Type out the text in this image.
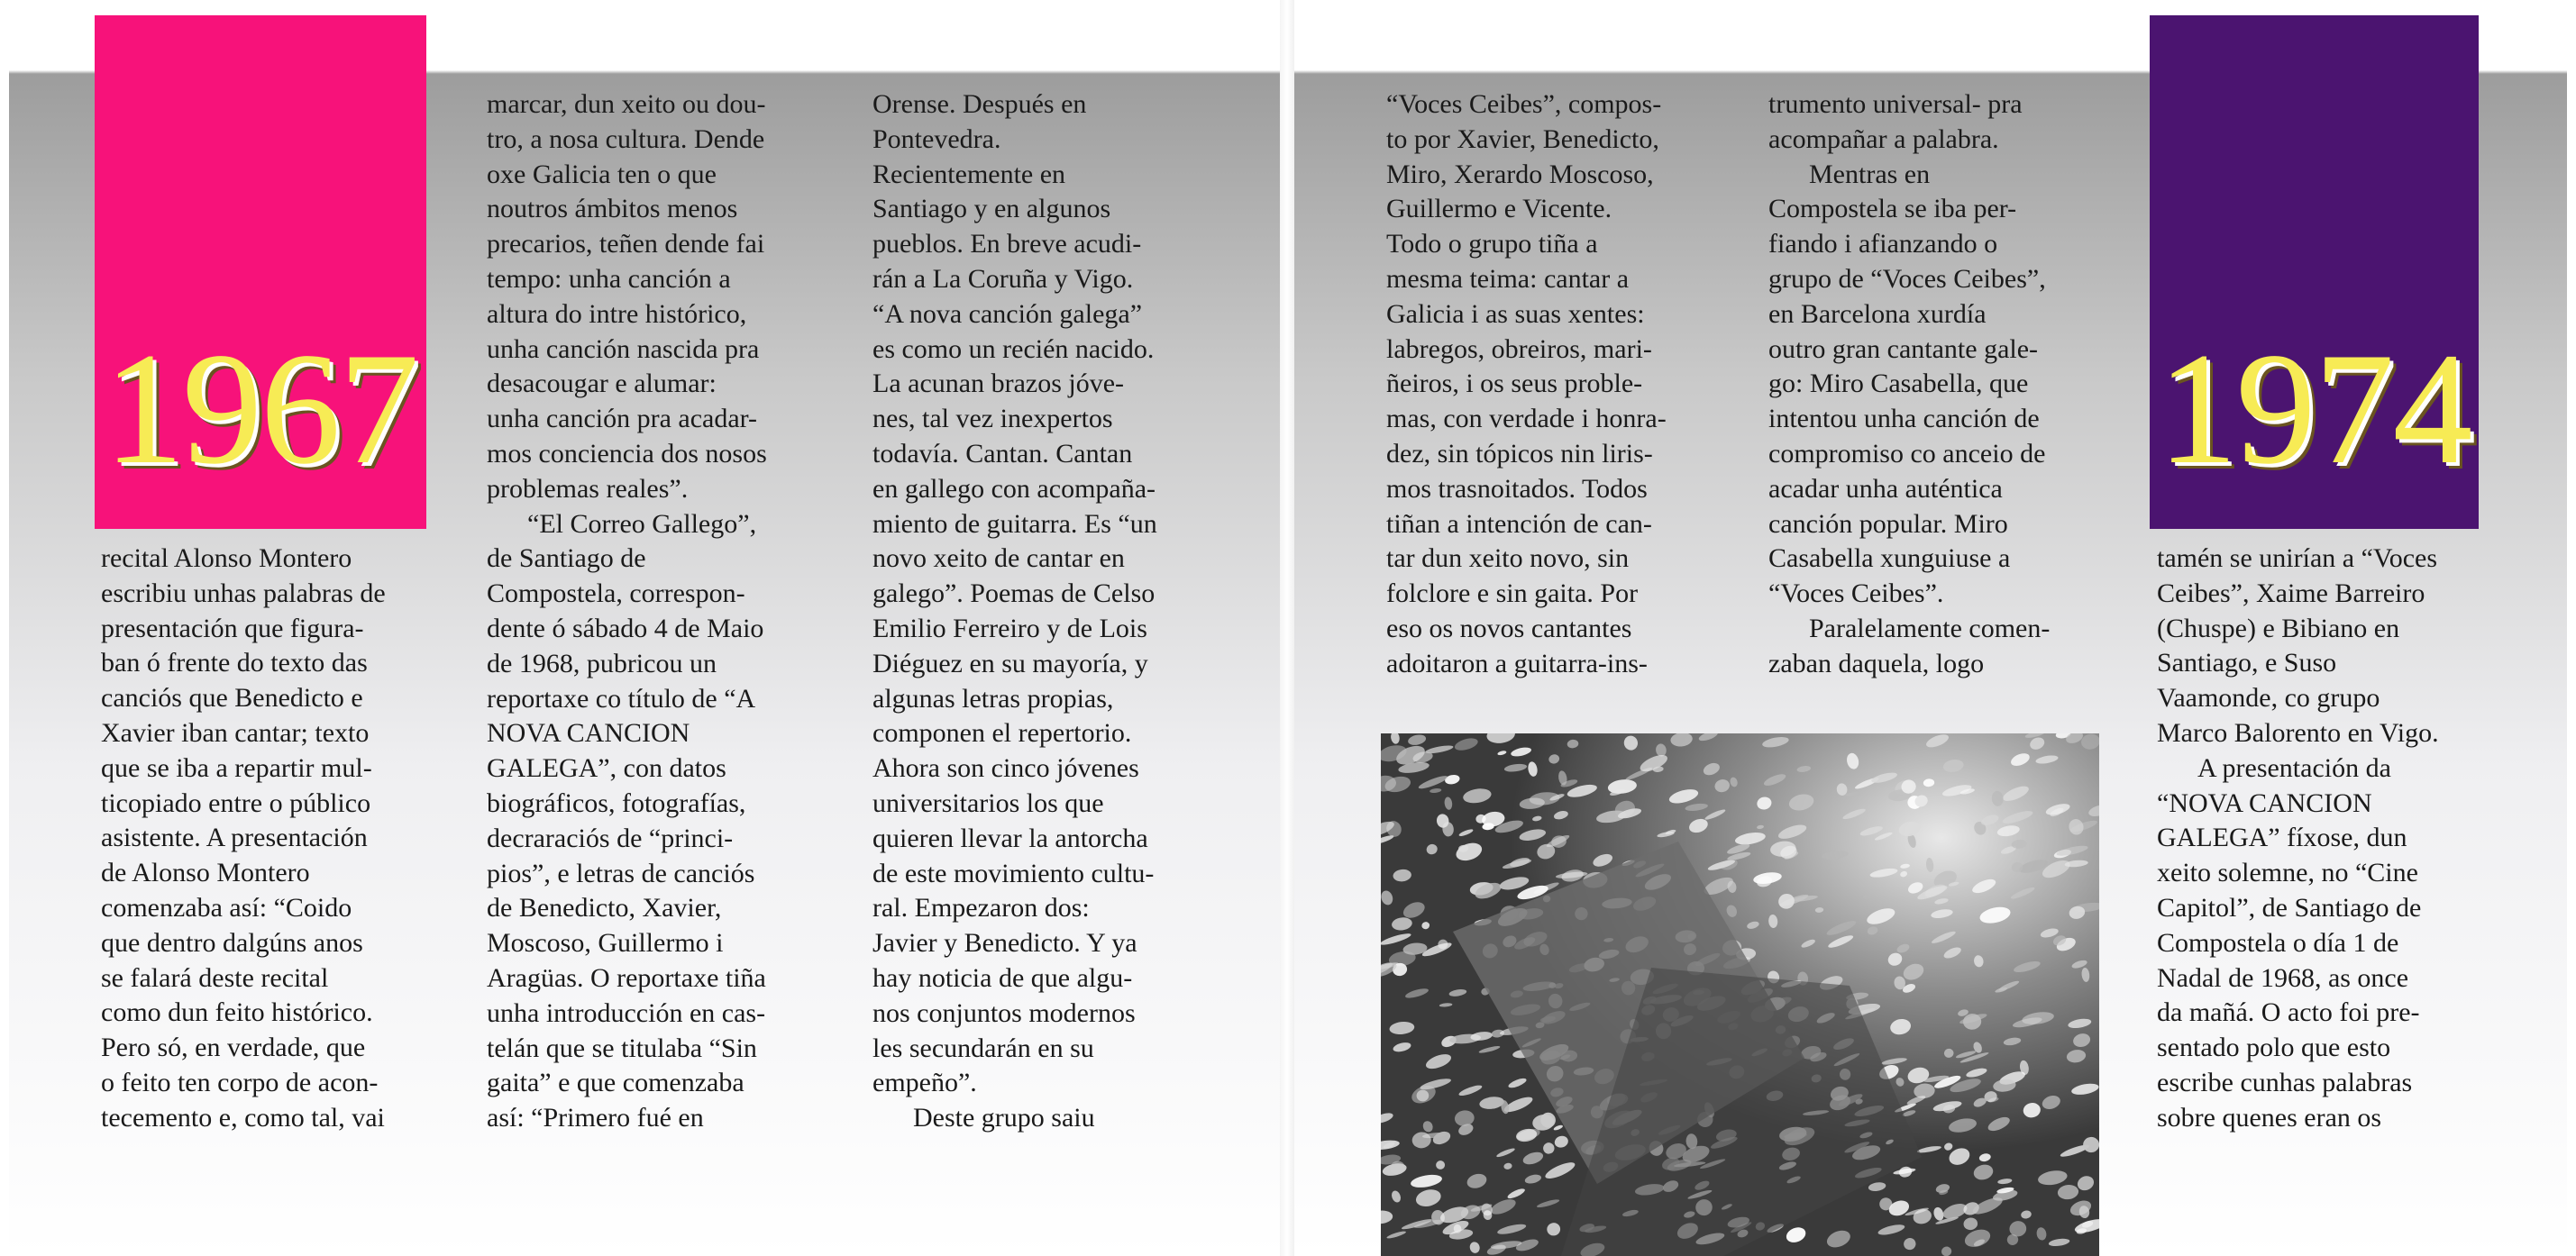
1967	1974
recital Alonso Montero
escribiu unhas palabras de
presentación que figura-
ban ó frente do texto das
canciós que Benedicto e
Xavier iban cantar; texto
que se iba a repartir mul-
ticopiado entre o público
asistente. A presentación
de Alonso Montero
comenzaba así: “Coido
que dentro dalgúns anos
se falará deste recital
como dun feito histórico.
Pero só, en verdade, que
o feito ten corpo de acon-
tecemento e, como tal, vai
marcar, dun xeito ou dou-
tro, a nosa cultura. Dende
oxe Galicia ten o que
noutros ámbitos menos
precarios, teñen dende fai
tempo: unha canción a
altura do intre histórico,
unha canción nascida pra
desacougar e alumar:
unha canción pra acadar-
mos conciencia dos nosos
problemas reales”.
  “El Correo Gallego”,
de Santiago de
Compostela, correspon-
dente ó sábado 4 de Maio
de 1968, pubricou un
reportaxe co título de “A
NOVA CANCION
GALEGA”, con datos
biográficos, fotografías,
decraraciós de “princi-
pios”, e letras de canciós
de Benedicto, Xavier,
Moscoso, Guillermo i
Aragüas. O reportaxe tiña
unha introducción en cas-
telán que se titulaba “Sin
gaita” e que comenzaba
así: “Primero fué en
Orense. Después en
Pontevedra.
Recientemente en
Santiago y en algunos
pueblos. En breve acudi-
rán a La Coruña y Vigo.
“A nova canción galega”
es como un recién nacido.
La acunan brazos jóve-
nes, tal vez inexpertos
todavía. Cantan. Cantan
en gallego con acompaña-
miento de guitarra. Es “un
novo xeito de cantar en
galego”. Poemas de Celso
Emilio Ferreiro y de Lois
Diéguez en su mayoría, y
algunas letras propias,
componen el repertorio.
Ahora son cinco jóvenes
universitarios los que
quieren llevar la antorcha
de este movimiento cultu-
ral. Empezaron dos:
Javier y Benedicto. Y ya
hay noticia de que algu-
nos conjuntos modernos
les secundarán en su
empeño”.
  Deste grupo saiu
“Voces Ceibes”, compos-
to por Xavier, Benedicto,
Miro, Xerardo Moscoso,
Guillermo e Vicente.
Todo o grupo tiña a
mesma teima: cantar a
Galicia i as suas xentes:
labregos, obreiros, mari-
ñeiros, i os seus proble-
mas, con verdade i honra-
dez, sin tópicos nin liris-
mos trasnoitados. Todos
tiñan a intención de can-
tar dun xeito novo, sin
folclore e sin gaita. Por
eso os novos cantantes
adoitaron a guitarra-ins-
trumento universal- pra
acompañar a palabra.
  Mentras en
Compostela se iba per-
fiando i afianzando o
grupo de “Voces Ceibes”,
en Barcelona xurdía
outro gran cantante gale-
go: Miro Casabella, que
intentou unha canción de
compromiso co anceio de
acadar unha auténtica
canción popular. Miro
Casabella xunguiuse a
“Voces Ceibes”.
  Paralelamente comen-
zaban daquela, logo
tamén se unirían a “Voces
Ceibes”, Xaime Barreiro
(Chuspe) e Bibiano en
Santiago, e Suso
Vaamonde, co grupo
Marco Balorento en Vigo.
  A presentación da
“NOVA CANCION
GALEGA” fíxose, dun
xeito solemne, no “Cine
Capitol”, de Santiago de
Compostela o día 1 de
Nadal de 1968, as once
da mañá. O acto foi pre-
sentado polo que esto
escribe cunhas palabras
sobre quenes eran os
